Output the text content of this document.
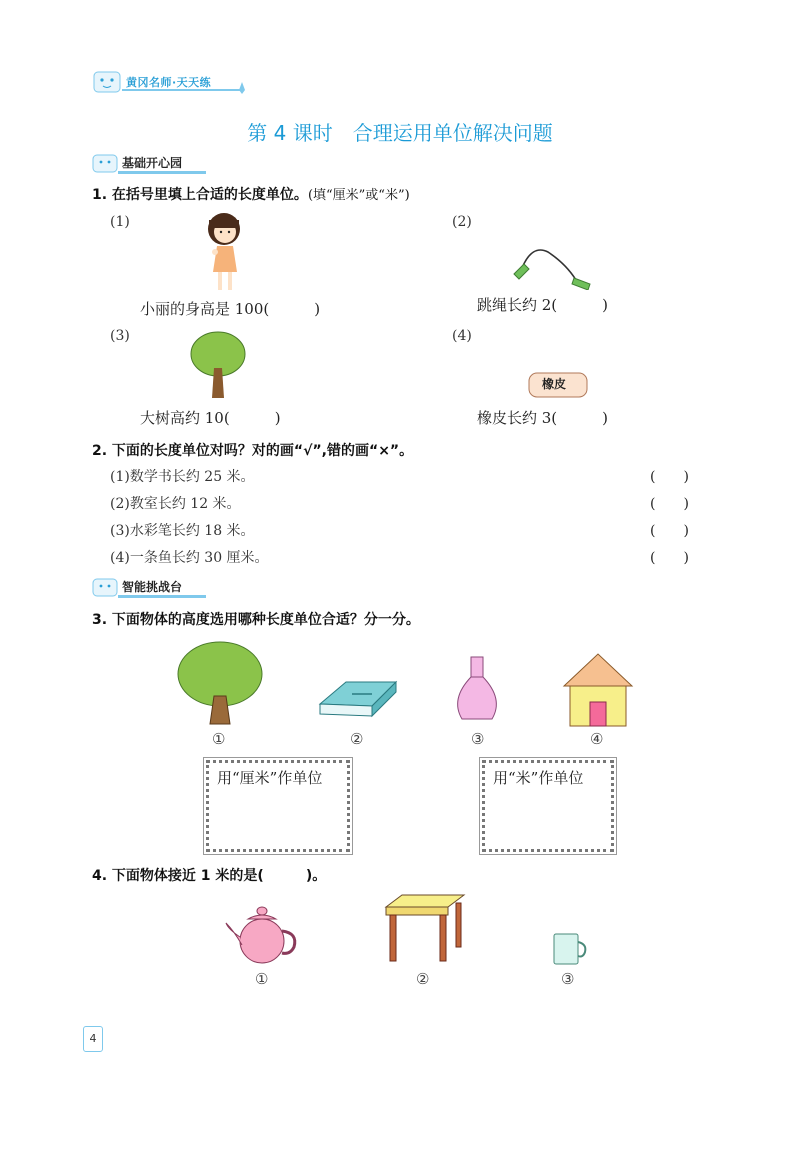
黄冈名师·天天练
第 4 课时　合理运用单位解决问题
基础开心园
1. 在括号里填上合适的长度单位。(填“厘米”或“米”)
(1)	(2)
小丽的身高是 100(　　　)	跳绳长约 2(　　　)
(3)	(4)
橡皮
大树高约 10(　　　)	橡皮长约 3(　　　)
2. 下面的长度单位对吗？对的画“√”,错的画“×”。
(1)数学书长约 25 米。	(　　)
(2)教室长约 12 米。	(　　)
(3)水彩笔长约 18 米。	(　　)
(4)一条鱼长约 30 厘米。	(　　)
智能挑战台
3. 下面物体的高度选用哪种长度单位合适？分一分。
①	②	③	④
用“厘米”作单位	用“米”作单位
4. 下面物体接近 1 米的是(　　　)。
①	②	③
4
